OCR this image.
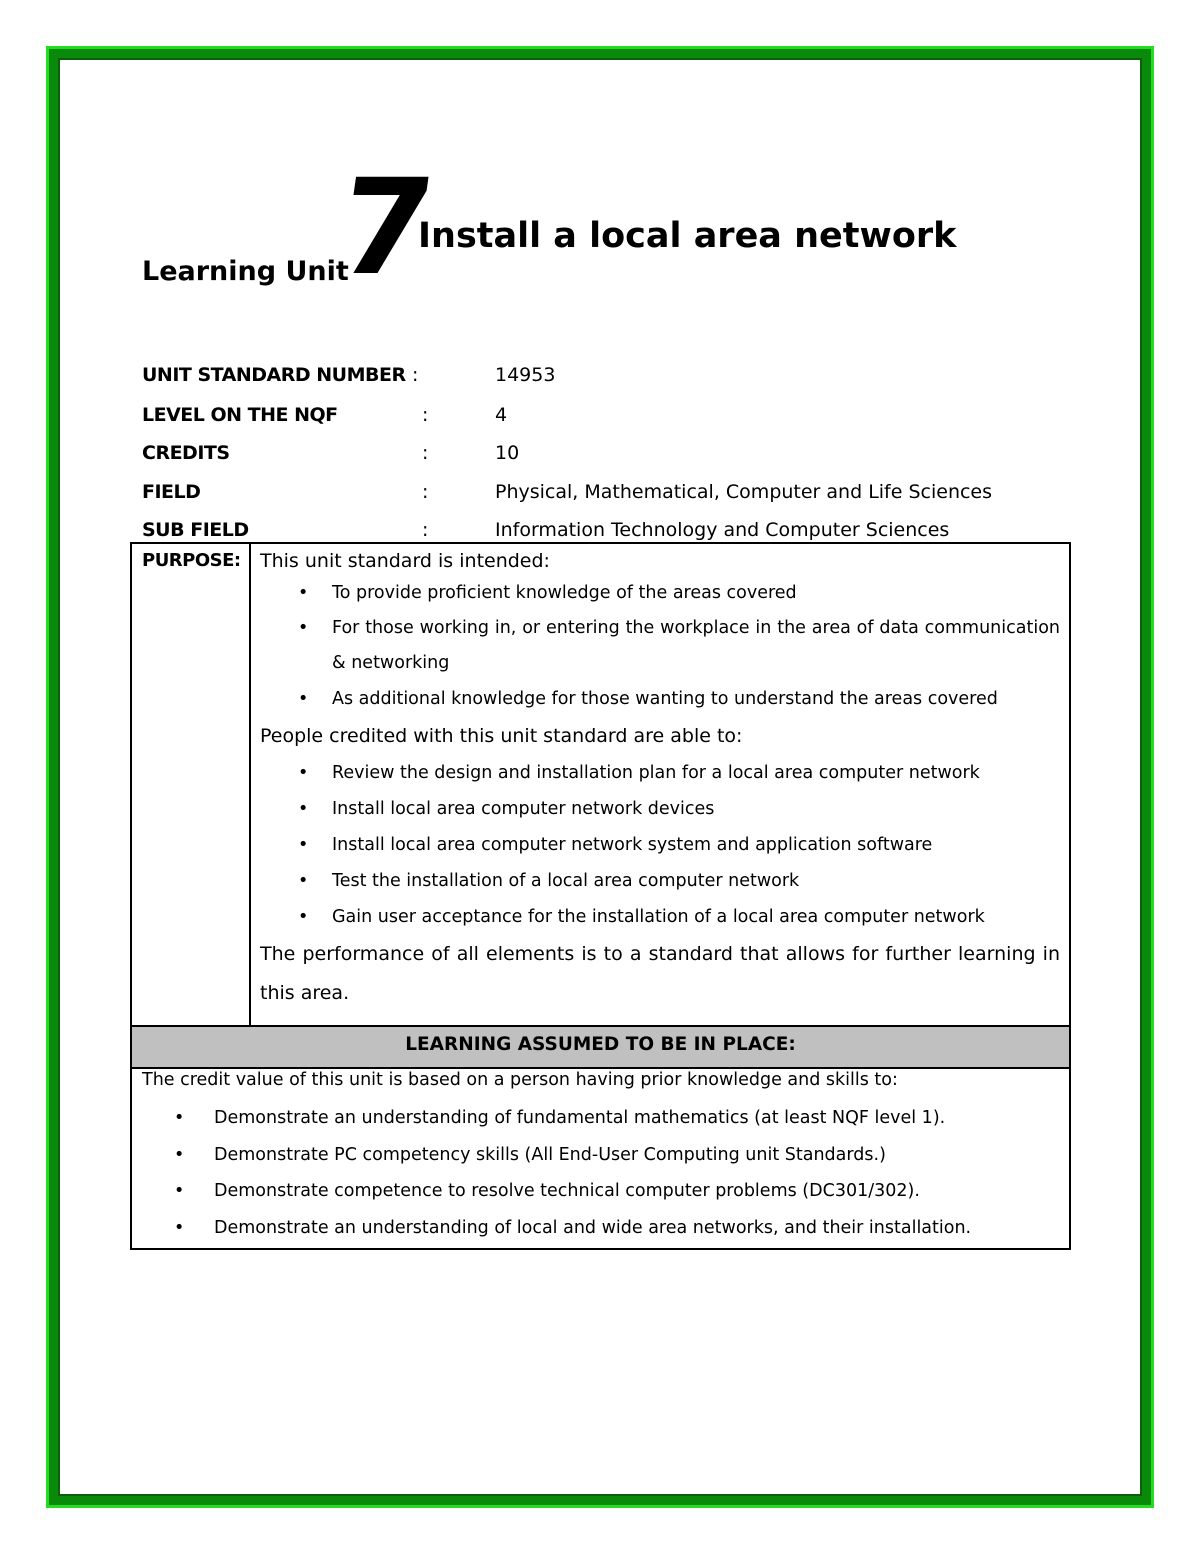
Learning Unit
7
Install a local area network
UNIT STANDARD NUMBER :	14953
LEVEL ON THE NQF	:	4
CREDITS	:	10
FIELD	:	Physical, Mathematical, Computer and Life Sciences
SUB FIELD	:	Information Technology and Computer Sciences
PURPOSE: This unit standard is intended:

• To provide proficient knowledge of the areas covered
• For those working in, or entering the workplace in the area of data communication & networking
• As additional knowledge for those wanting to understand the areas covered

People credited with this unit standard are able to:

• Review the design and installation plan for a local area computer network
• Install local area computer network devices
• Install local area computer network system and application software
• Test the installation of a local area computer network
• Gain user acceptance for the installation of a local area computer network

The performance of all elements is to a standard that allows for further learning in this area.

LEARNING ASSUMED TO BE IN PLACE:
The credit value of this unit is based on a person having prior knowledge and skills to:
• Demonstrate an understanding of fundamental mathematics (at least NQF level 1).
• Demonstrate PC competency skills (All End-User Computing unit Standards.)
• Demonstrate competence to resolve technical computer problems (DC301/302).
• Demonstrate an understanding of local and wide area networks, and their installation.
